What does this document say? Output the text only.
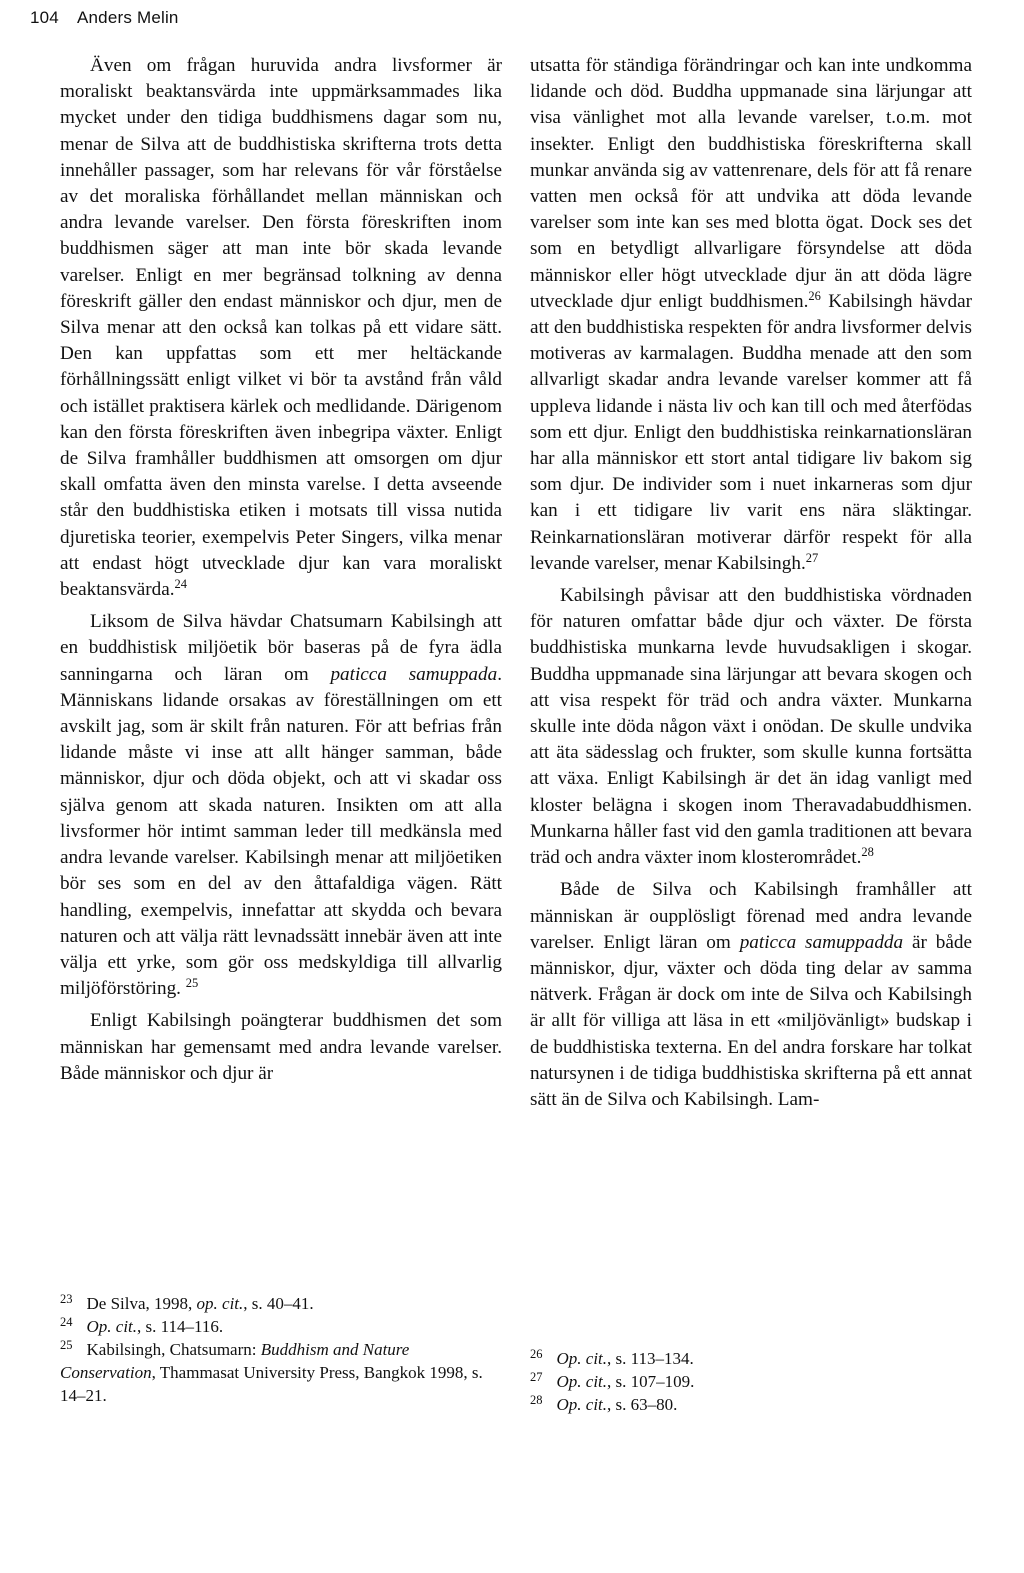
104 Anders Melin

Även om frågan huruvida andra livsformer är moraliskt beaktansvärda inte uppmärksammades lika mycket under den tidiga buddhismens dagar som nu, menar de Silva att de buddhistiska skrifterna trots detta innehåller passager, som har relevans för vår förståelse av det moraliska förhållandet mellan människan och andra levande varelser. Den första föreskriften inom buddhismen säger att man inte bör skada levande varelser. Enligt en mer begränsad tolkning av denna föreskrift gäller den endast människor och djur, men de Silva menar att den också kan tolkas på ett vidare sätt. Den kan uppfattas som ett mer heltäckande förhållningssätt enligt vilket vi bör ta avstånd från våld och istället praktisera kärlek och medlidande. Därigenom kan den första föreskriften även inbegripa växter. Enligt de Silva framhåller buddhismen att omsorgen om djur skall omfatta även den minsta varelse. I detta avseende står den buddhistiska etiken i motsats till vissa nutida djuretiska teorier, exempelvis Peter Singers, vilka menar att endast högt utvecklade djur kan vara moraliskt beaktansvärda.$^{24}$

Liksom de Silva hävdar Chatsumarn Kabilsingh att en buddhistisk miljöetik bör baseras på de fyra ädla sanningarna och läran om paticca samuppada. Människans lidande orsakas av föreställningen om ett avskilt jag, som är skilt från naturen. För att befrias från lidande måste vi inse att allt hänger samman, både människor, djur och döda objekt, och att vi skadar oss själva genom att skada naturen. Insikten om att alla livsformer hör intimt samman leder till medkänsla med andra levande varelser. Kabilsingh menar att miljöetiken bör ses som en del av den åttafaldiga vägen. Rätt handling, exempelvis, innefattar att skydda och bevara naturen och att välja rätt levnadssätt innebär även att inte välja ett yrke, som gör oss medskyldiga till allvarlig miljöförstöring. $^{25}$

Enligt Kabilsingh poängterar buddhismen det som människan har gemensamt med andra levande varelser. Både människor och djur är

utsatta för ständiga förändringar och kan inte undkomma lidande och död. Buddha uppmanade sina lärjungar att visa vänlighet mot alla levande varelser, t.o.m. mot insekter. Enligt den buddhistiska föreskrifterna skall munkar använda sig av vattenrenare, dels för att få renare vatten men också för att undvika att döda levande varelser som inte kan ses med blotta ögat. Dock ses det som en betydligt allvarligare försyndelse att döda människor eller högt utvecklade djur än att döda lägre utvecklade djur enligt buddhismen.$^{26}$ Kabilsingh hävdar att den buddhistiska respekten för andra livsformer delvis motiveras av karmalagen. Buddha menade att den som allvarligt skadar andra levande varelser kommer att få uppleva lidande i nästa liv och kan till och med återfödas som ett djur. Enligt den buddhistiska reinkarnationsläran har alla människor ett stort antal tidigare liv bakom sig som djur. De individer som i nuet inkarneras som djur kan i ett tidigare liv varit ens nära släktingar. Reinkarnationsläran motiverar därför respekt för alla levande varelser, menar Kabilsingh.$^{27}$

Kabilsingh påvisar att den buddhistiska vördnaden för naturen omfattar både djur och växter. De första buddhistiska munkarna levde huvudsakligen i skogar. Buddha uppmanade sina lärjungar att bevara skogen och att visa respekt för träd och andra växter. Munkarna skulle inte döda någon växt i onödan. De skulle undvika att äta sädesslag och frukter, som skulle kunna fortsätta att växa. Enligt Kabilsingh är det än idag vanligt med kloster belägna i skogen inom Theravadabuddhismen. Munkarna håller fast vid den gamla traditionen att bevara träd och andra växter inom klosterområdet.$^{28}$

Både de Silva och Kabilsingh framhåller att människan är oupplösligt förenad med andra levande varelser. Enligt läran om paticca samuppadda är både människor, djur, växter och döda ting delar av samma nätverk. Frågan är dock om inte de Silva och Kabilsingh är allt för villiga att läsa in ett «miljövänligt» budskap i de buddhistiska texterna. En del andra forskare har tolkat natursynen i de tidiga buddhistiska skrifterna på ett annat sätt än de Silva och Kabilsingh. Lam-

$^{23}$ De Silva, 1998, op. cit., s. 40–41.

$^{24}$ Op. cit., s. 114–116.

$^{25}$ Kabilsingh, Chatsumarn: Buddhism and Nature Conservation, Thammasat University Press, Bangkok 1998, s. 14–21.

$^{26}$ Op. cit., s. 113–134.

$^{27}$ Op. cit., s. 107–109.

$^{28}$ Op. cit., s. 63–80.
